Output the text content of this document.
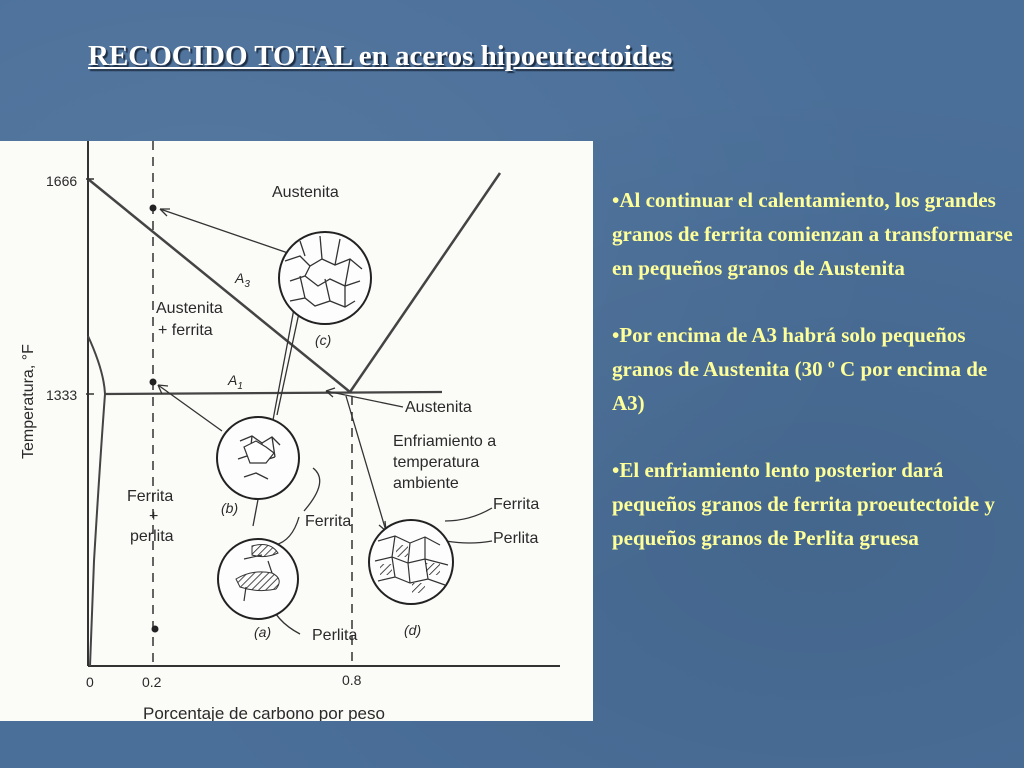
RECOCIDO TOTAL en aceros hipoeutectoides
1666
1333
Temperatura, °F
0	0.2	0.8
Porcentaje de carbono por peso
Austenita
$A_3$
$A_1$
Austenita
+ ferrita
Ferrita
+
perlita
Austenita
Enfriamiento a
temperatura
ambiente
Ferrita
Ferrita
Perlita
Perlita
(a)
(b)
(c)
(d)
•Al continuar el calentamiento, los grandes granos de ferrita comienzan a transformarse en pequeños granos de Austenita
•Por encima de A3 habrá solo pequeños granos de Austenita (30 º C por encima de A3)
•El enfriamiento lento posterior dará pequeños granos de ferrita proeutectoide y pequeños granos de Perlita gruesa
